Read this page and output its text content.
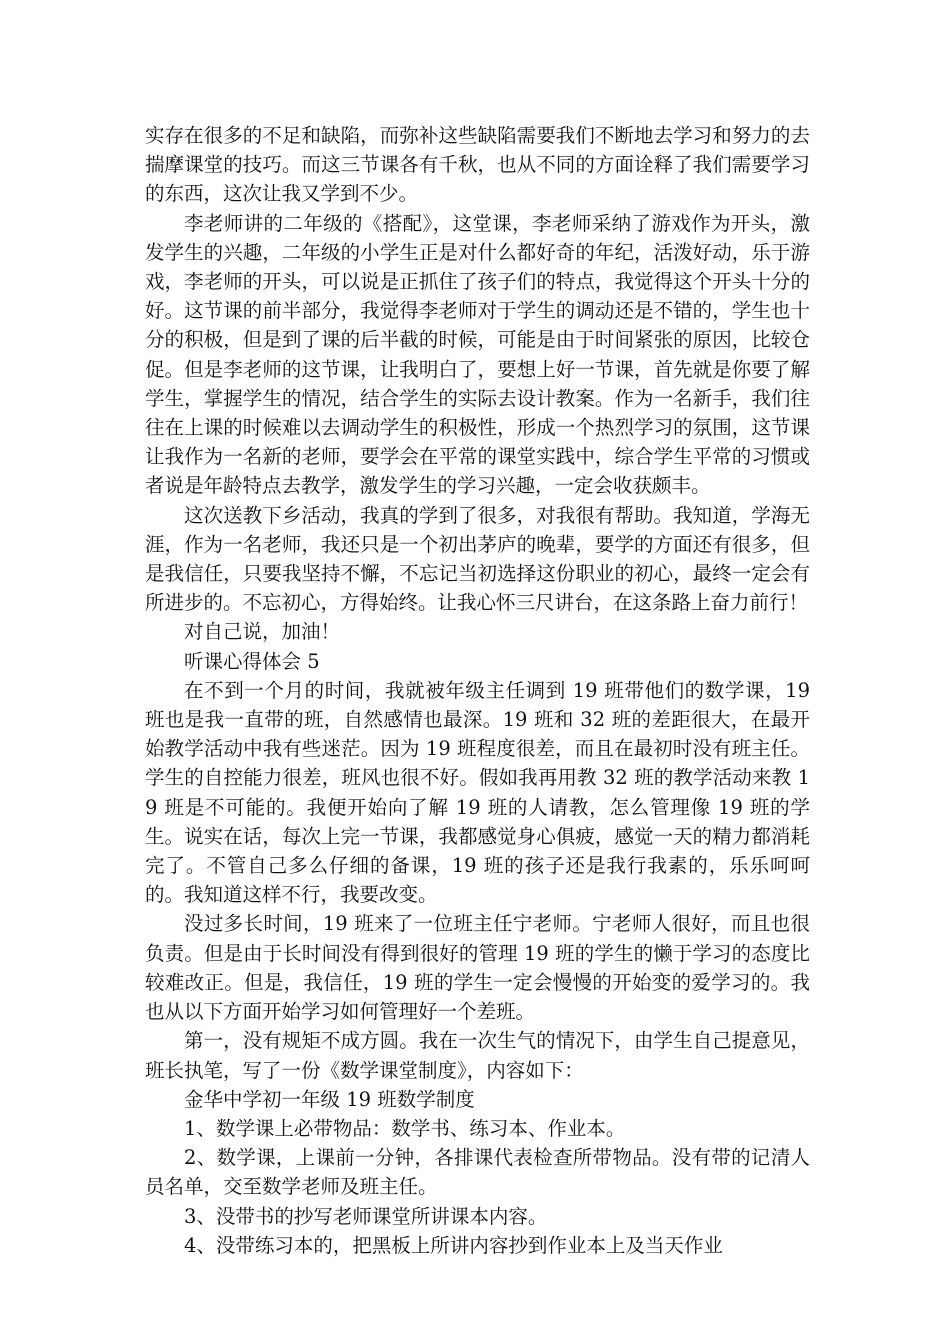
实存在很多的不足和缺陷，而弥补这些缺陷需要我们不断地去学习和努力的去揣摩课堂的技巧。而这三节课各有千秋，也从不同的方面诠释了我们需要学习的东西，这次让我又学到不少。

李老师讲的二年级的《搭配》，这堂课，李老师采纳了游戏作为开头，激发学生的兴趣，二年级的小学生正是对什么都好奇的年纪，活泼好动，乐于游戏，李老师的开头，可以说是正抓住了孩子们的特点，我觉得这个开头十分的好。这节课的前半部分，我觉得李老师对于学生的调动还是不错的，学生也十分的积极，但是到了课的后半截的时候，可能是由于时间紧张的原因，比较仓促。但是李老师的这节课，让我明白了，要想上好一节课，首先就是你要了解学生，掌握学生的情况，结合学生的实际去设计教案。作为一名新手，我们往往在上课的时候难以去调动学生的积极性，形成一个热烈学习的氛围，这节课让我作为一名新的老师，要学会在平常的课堂实践中，综合学生平常的习惯或者说是年龄特点去教学，激发学生的学习兴趣，一定会收获颇丰。

这次送教下乡活动，我真的学到了很多，对我很有帮助。我知道，学海无涯，作为一名老师，我还只是一个初出茅庐的晚辈，要学的方面还有很多，但是我信任，只要我坚持不懈，不忘记当初选择这份职业的初心，最终一定会有所进步的。不忘初心，方得始终。让我心怀三尺讲台，在这条路上奋力前行！

对自己说，加油！

听课心得体会 5

在不到一个月的时间，我就被年级主任调到 19 班带他们的数学课，19 班也是我一直带的班，自然感情也最深。19 班和 32 班的差距很大，在最开始教学活动中我有些迷茫。因为 19 班程度很差，而且在最初时没有班主任。学生的自控能力很差，班风也很不好。假如我再用教 32 班的教学活动来教 19 班是不可能的。我便开始向了解 19 班的人请教，怎么管理像 19 班的学生。说实在话，每次上完一节课，我都感觉身心俱疲，感觉一天的精力都消耗完了。不管自己多么仔细的备课，19 班的孩子还是我行我素的，乐乐呵呵的。我知道这样不行，我要改变。

没过多长时间，19 班来了一位班主任宁老师。宁老师人很好，而且也很负责。但是由于长时间没有得到很好的管理 19 班的学生的懒于学习的态度比较难改正。但是，我信任，19 班的学生一定会慢慢的开始变的爱学习的。我也从以下方面开始学习如何管理好一个差班。

第一，没有规矩不成方圆。我在一次生气的情况下，由学生自己提意见，班长执笔，写了一份《数学课堂制度》，内容如下：

金华中学初一年级 19 班数学制度

1、数学课上必带物品：数学书、练习本、作业本。

2、数学课，上课前一分钟，各排课代表检查所带物品。没有带的记清人员名单，交至数学老师及班主任。

3、没带书的抄写老师课堂所讲课本内容。

4、没带练习本的，把黑板上所讲内容抄到作业本上及当天作业
